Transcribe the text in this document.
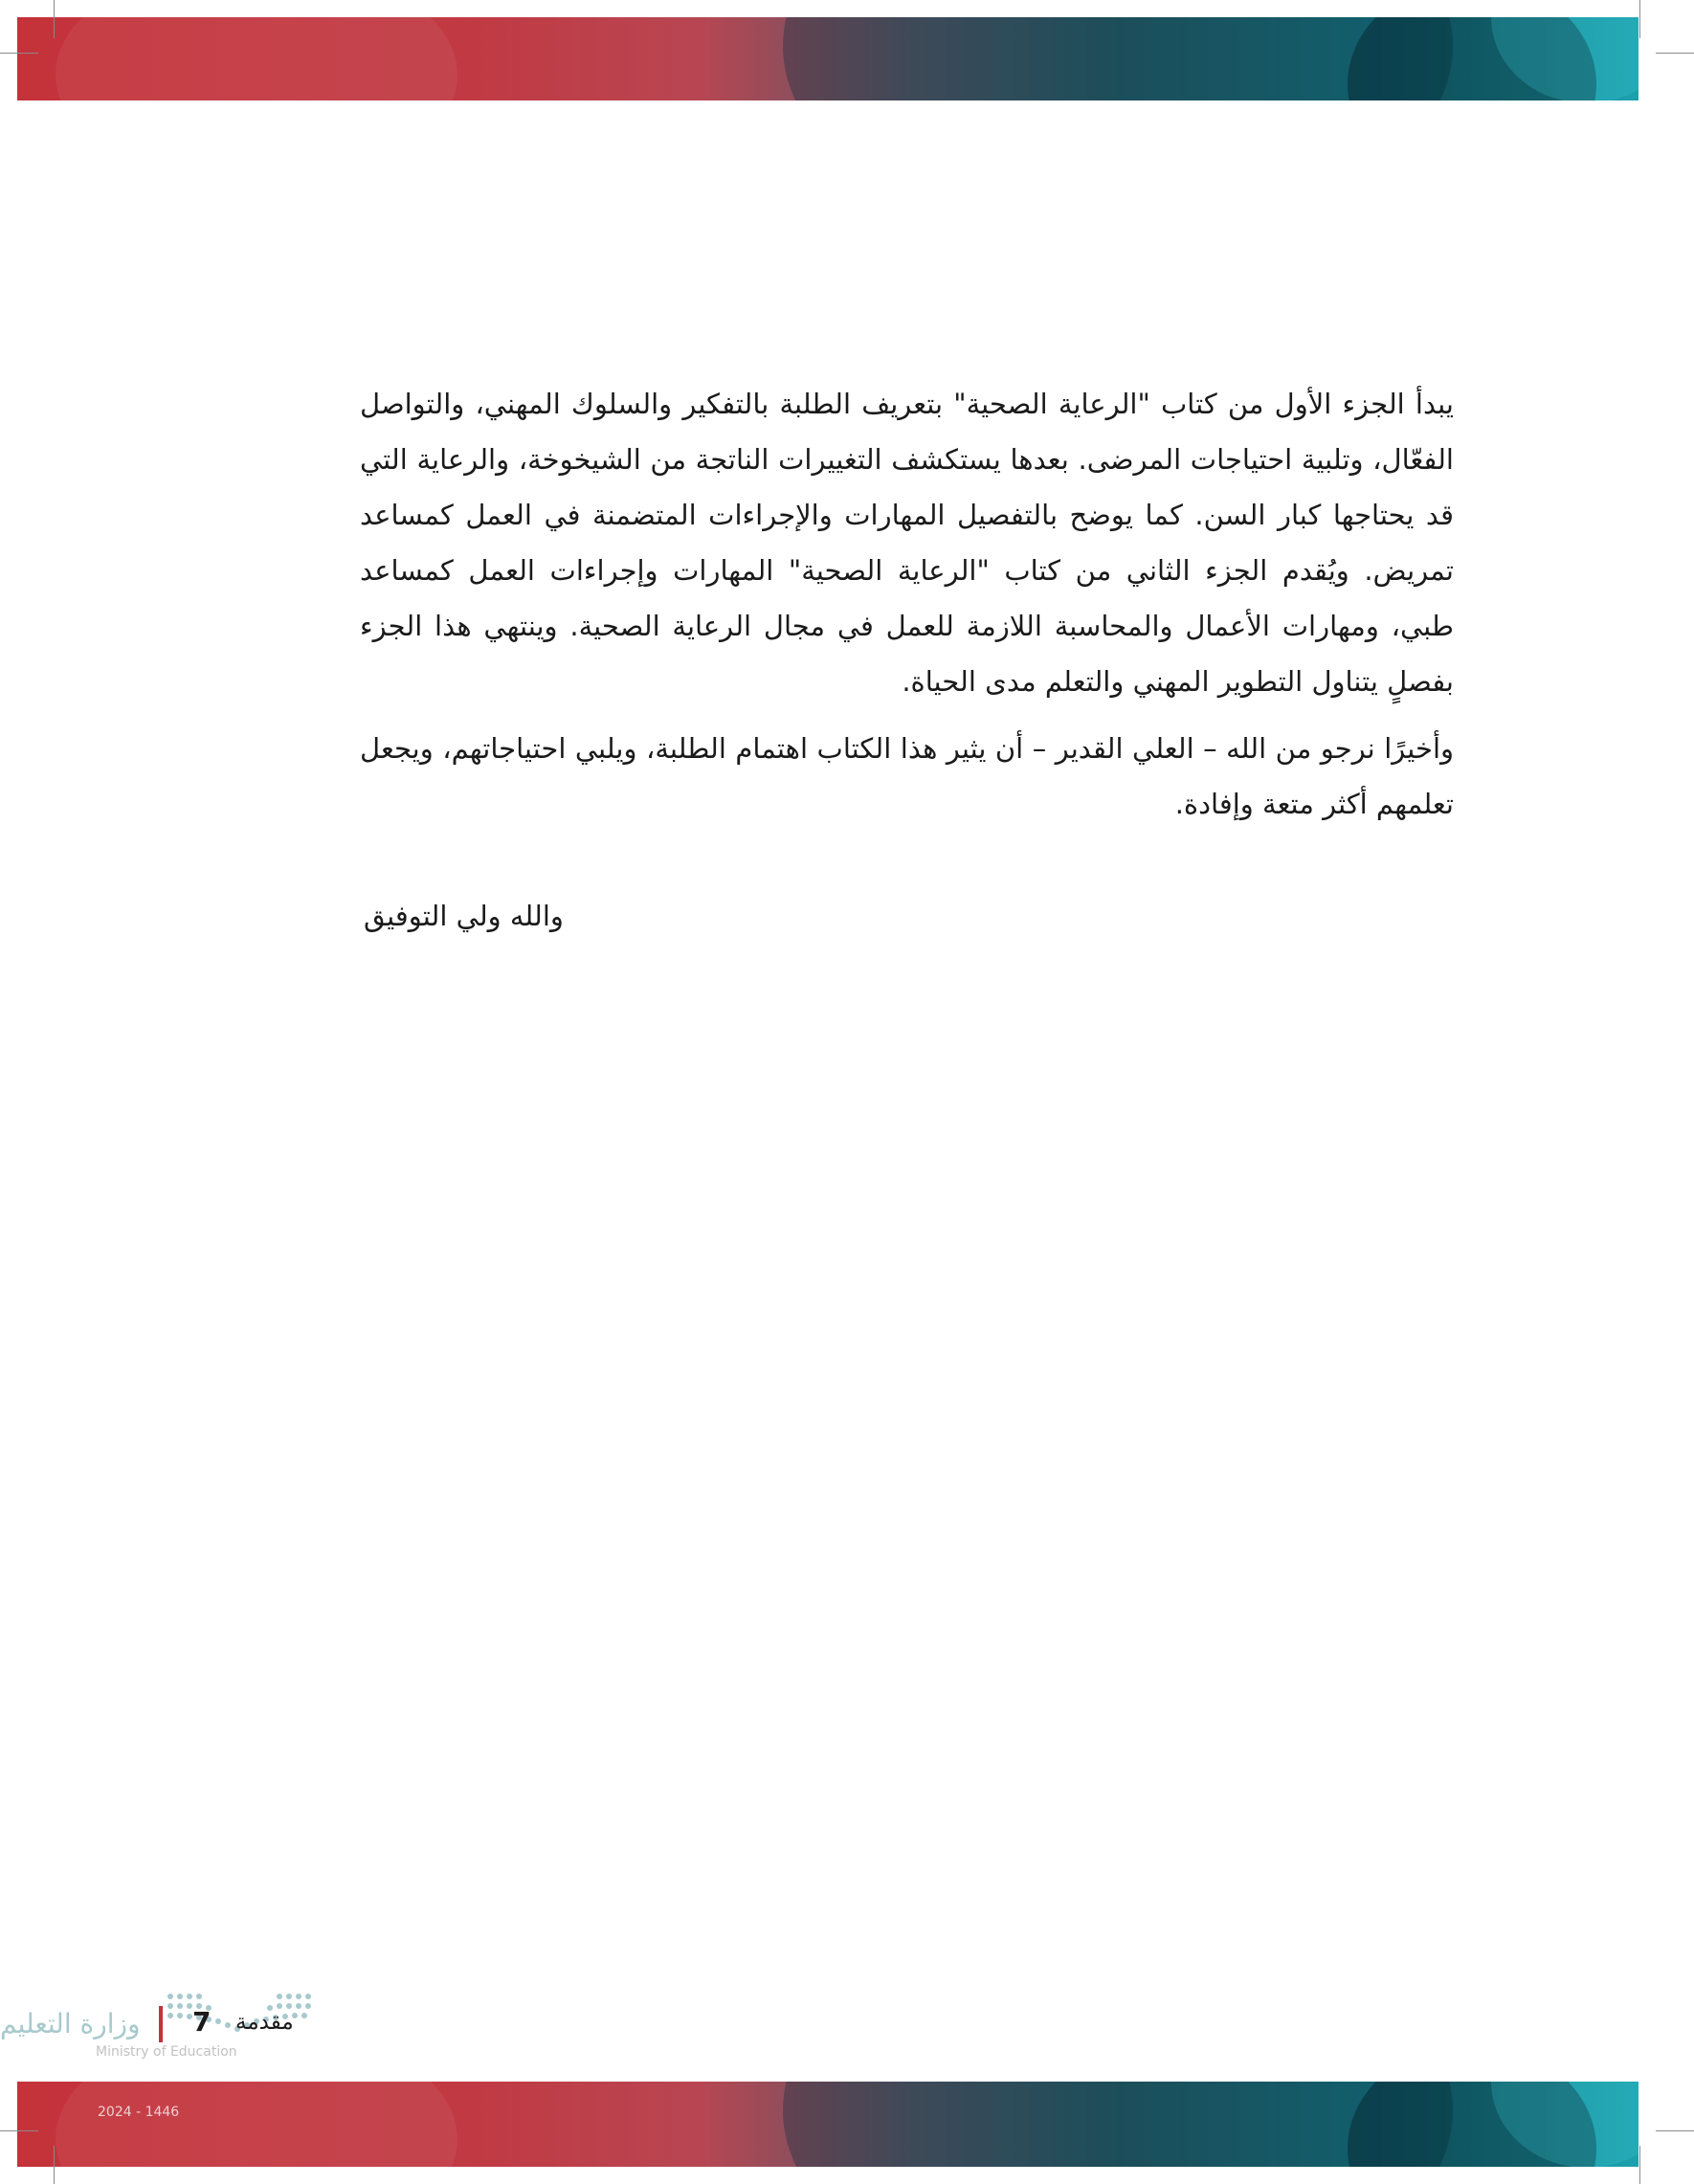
يبدأ الجزء الأول من كتاب "الرعاية الصحية" بتعريف الطلبة بالتفكير والسلوك المهني، والتواصل الفعّال، وتلبية احتياجات المرضى. بعدها يستكشف التغييرات الناتجة من الشيخوخة، والرعاية التي قد يحتاجها كبار السن. كما يوضح بالتفصيل المهارات والإجراءات المتضمنة في العمل كمساعد تمريض. ويُقدم الجزء الثاني من كتاب "الرعاية الصحية" المهارات وإجراءات العمل كمساعد طبي، ومهارات الأعمال والمحاسبة اللازمة للعمل في مجال الرعاية الصحية. وينتهي هذا الجزء بفصلٍ يتناول التطوير المهني والتعلم مدى الحياة.

وأخيرًا نرجو من الله – العلي القدير – أن يثير هذا الكتاب اهتمام الطلبة، ويلبي احتياجاتهم، ويجعل تعلمهم أكثر متعة وإفادة.

والله ولي التوفيق
وزارة التعليم	7 مقدمة
Ministry of Education
2024 - 1446
